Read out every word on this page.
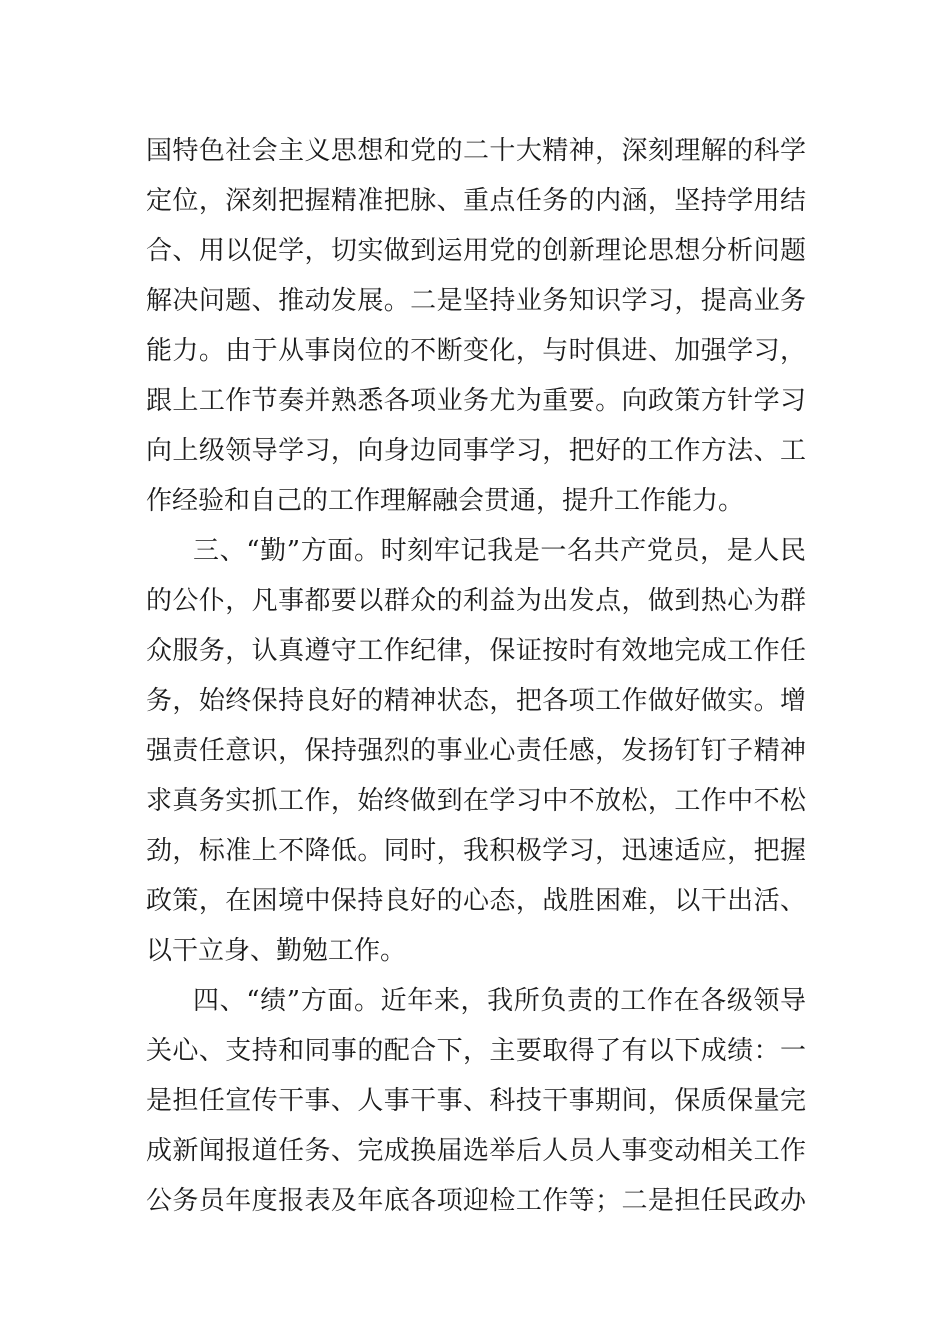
国特色社会主义思想和党的二十大精神，深刻理解的科学
定位，深刻把握精准把脉、重点任务的内涵，坚持学用结
合、用以促学，切实做到运用党的创新理论思想分析问题
解决问题、推动发展。二是坚持业务知识学习，提高业务
能力。由于从事岗位的不断变化，与时俱进、加强学习，
跟上工作节奏并熟悉各项业务尤为重要。向政策方针学习
向上级领导学习，向身边同事学习，把好的工作方法、工
作经验和自己的工作理解融会贯通，提升工作能力。
三、“勤”方面。时刻牢记我是一名共产党员，是人民
的公仆，凡事都要以群众的利益为出发点，做到热心为群
众服务，认真遵守工作纪律，保证按时有效地完成工作任
务，始终保持良好的精神状态，把各项工作做好做实。增
强责任意识，保持强烈的事业心责任感，发扬钉钉子精神
求真务实抓工作，始终做到在学习中不放松，工作中不松
劲，标准上不降低。同时，我积极学习，迅速适应，把握
政策，在困境中保持良好的心态，战胜困难，以干出活、
以干立身、勤勉工作。
四、“绩”方面。近年来，我所负责的工作在各级领导
关心、支持和同事的配合下，主要取得了有以下成绩：一
是担任宣传干事、人事干事、科技干事期间，保质保量完
成新闻报道任务、完成换届选举后人员人事变动相关工作
公务员年度报表及年底各项迎检工作等；二是担任民政办
